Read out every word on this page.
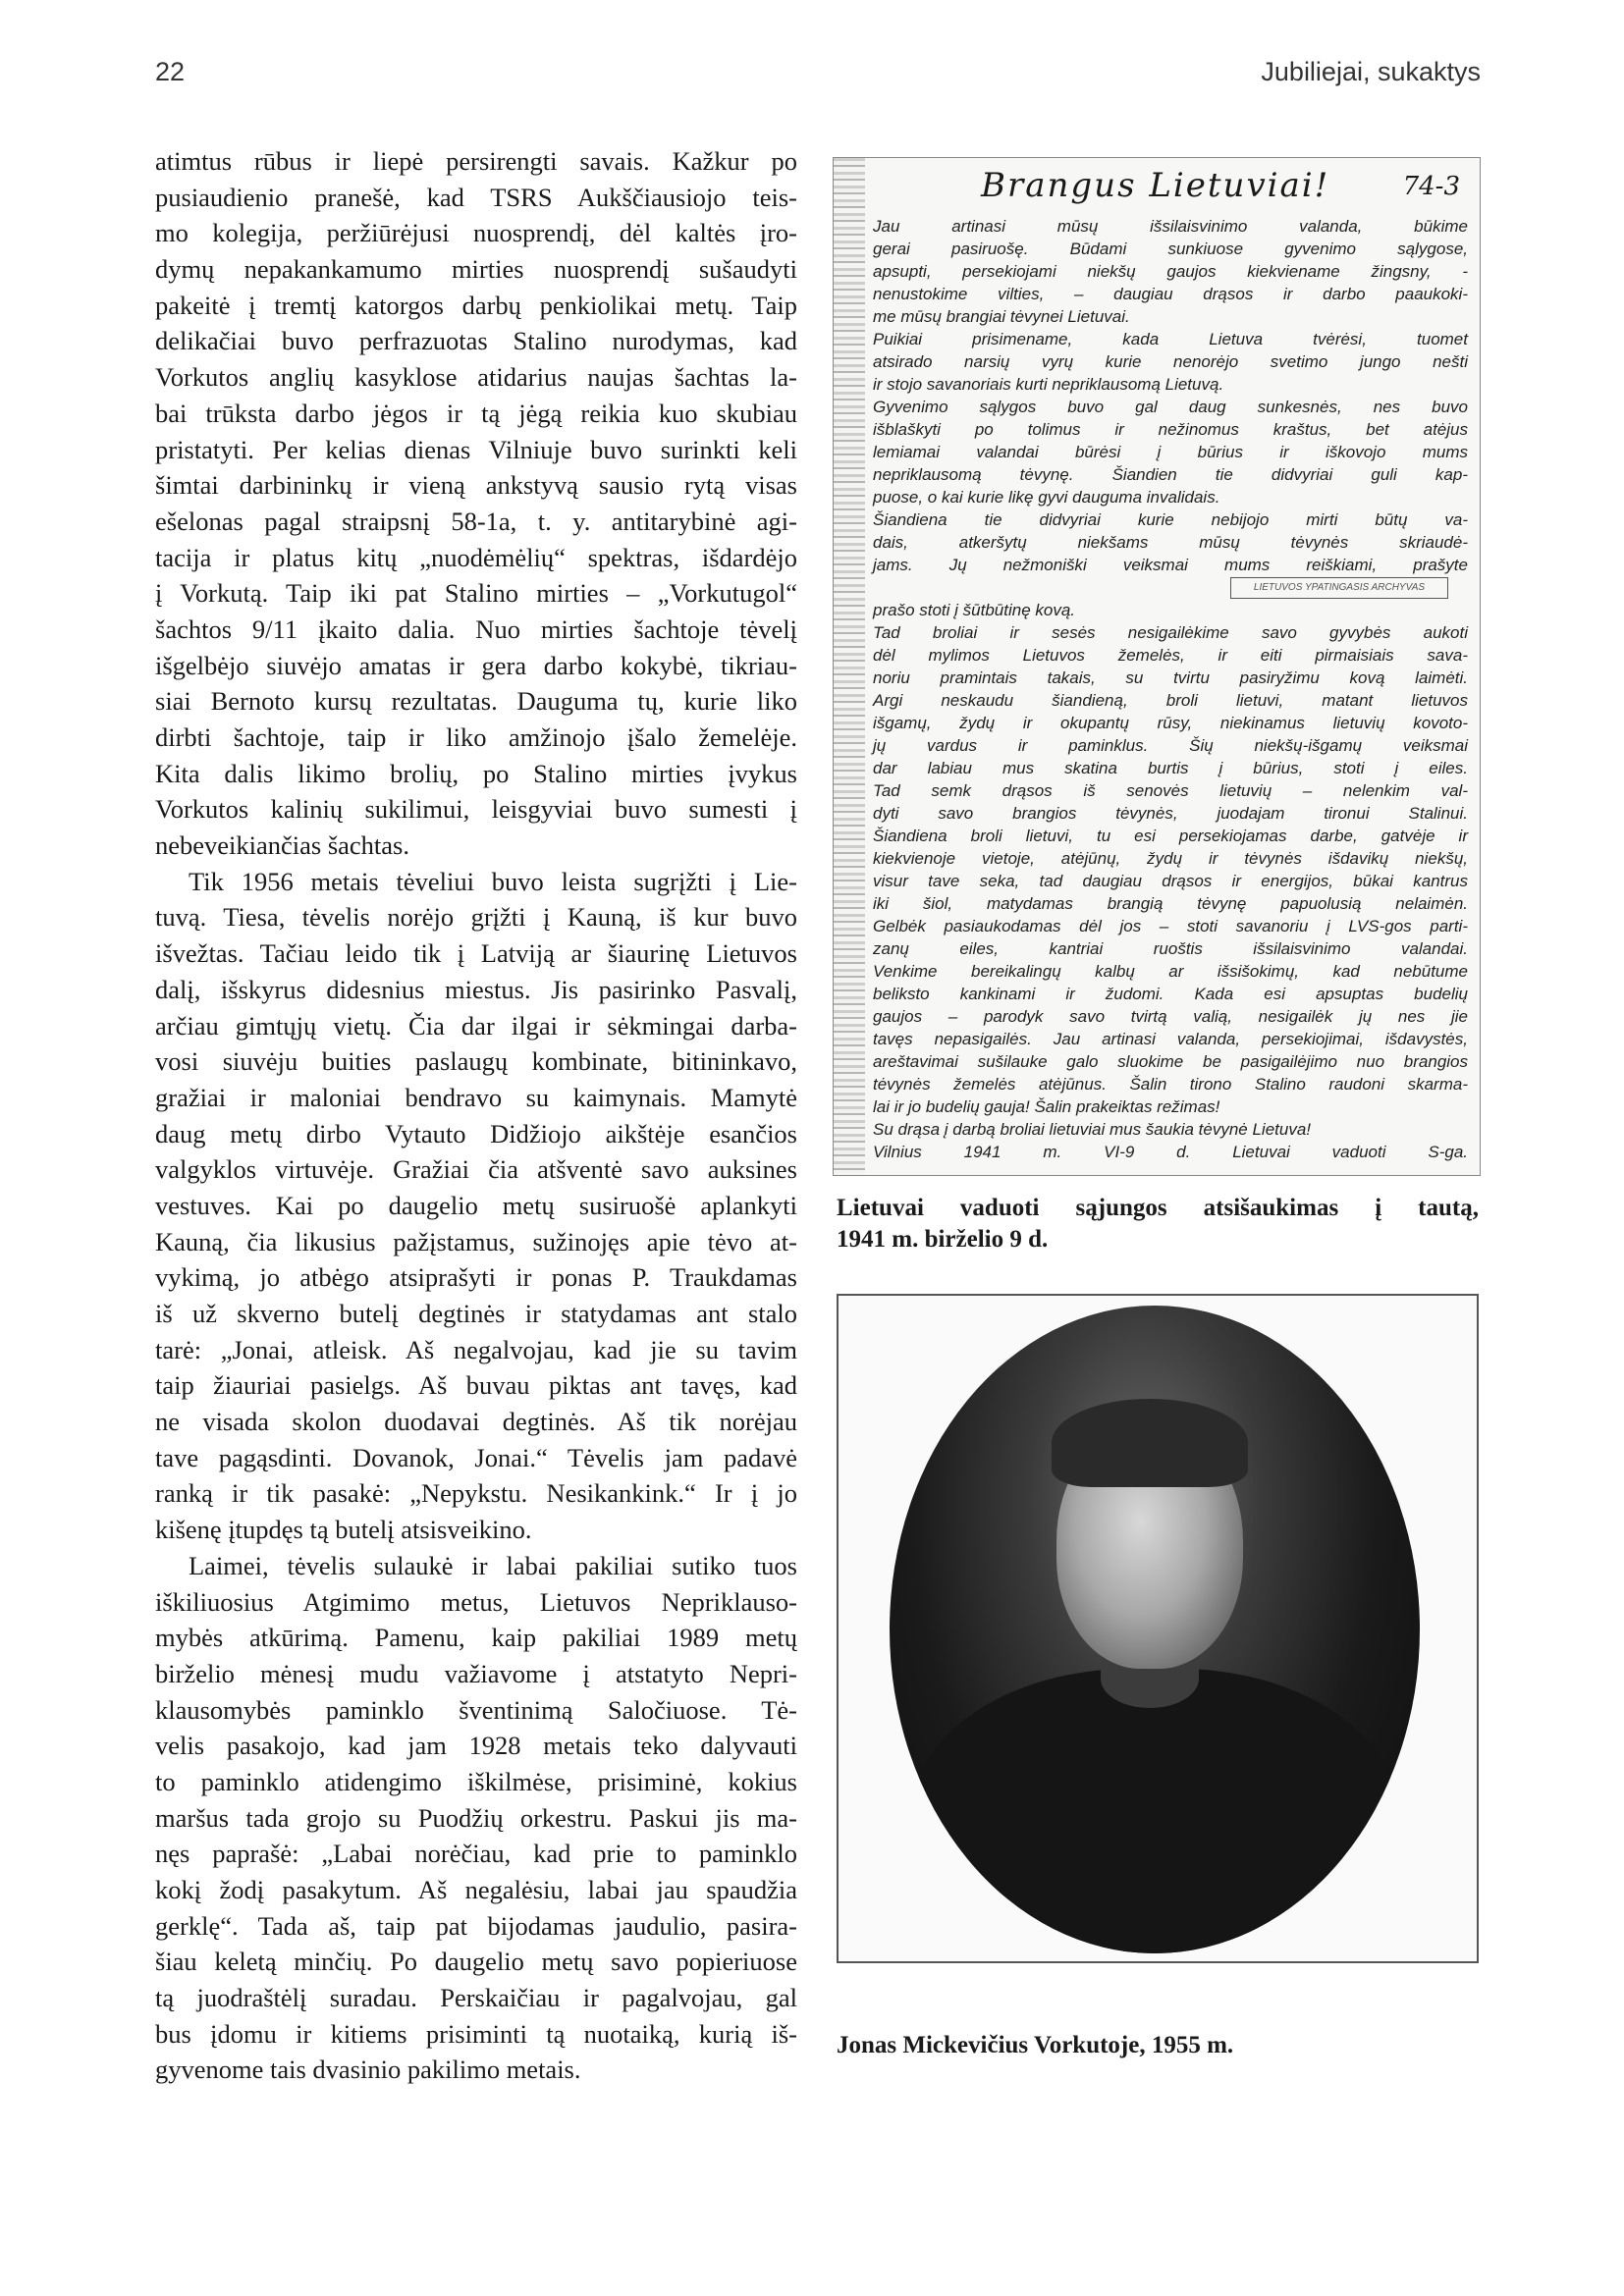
22	Jubiliejai, sukaktys
atimtus rūbus ir liepė persirengti savais. Kažkur po
pusiaudienio pranešė, kad TSRS Aukščiausiojo teis-
mo kolegija, peržiūrėjusi nuosprendį, dėl kaltės įro-
dymų nepakankamumo mirties nuosprendį sušaudyti
pakeitė į tremtį katorgos darbų penkiolikai metų. Taip
delikačiai buvo perfrazuotas Stalino nurodymas, kad
Vorkutos anglių kasyklose atidarius naujas šachtas la-
bai trūksta darbo jėgos ir tą jėgą reikia kuo skubiau
pristatyti. Per kelias dienas Vilniuje buvo surinkti keli
šimtai darbininkų ir vieną ankstyvą sausio rytą visas
ešelonas pagal straipsnį 58-1a, t. y. antitarybinė agi-
tacija ir platus kitų „nuodėmėlių“ spektras, išdardėjo
į Vorkutą. Taip iki pat Stalino mirties – „Vorkutugol“
šachtos 9/11 įkaito dalia. Nuo mirties šachtoje tėvelį
išgelbėjo siuvėjo amatas ir gera darbo kokybė, tikriau-
siai Bernoto kursų rezultatas. Dauguma tų, kurie liko
dirbti šachtoje, taip ir liko amžinojo įšalo žemelėje.
Kita dalis likimo brolių, po Stalino mirties įvykus
Vorkutos kalinių sukilimui, leisgyviai buvo sumesti į
nebeveikiančias šachtas.
Tik 1956 metais tėveliui buvo leista sugrįžti į Lie-
tuvą. Tiesa, tėvelis norėjo grįžti į Kauną, iš kur buvo
išvežtas. Tačiau leido tik į Latviją ar šiaurinę Lietuvos
dalį, išskyrus didesnius miestus. Jis pasirinko Pasvalį,
arčiau gimtųjų vietų. Čia dar ilgai ir sėkmingai darba-
vosi siuvėju buities paslaugų kombinate, bitininkavo,
gražiai ir maloniai bendravo su kaimynais. Mamytė
daug metų dirbo Vytauto Didžiojo aikštėje esančios
valgyklos virtuvėje. Gražiai čia atšventė savo auksines
vestuves. Kai po daugelio metų susiruošė aplankyti
Kauną, čia likusius pažįstamus, sužinojęs apie tėvo at-
vykimą, jo atbėgo atsiprašyti ir ponas P. Traukdamas
iš už skverno butelį degtinės ir statydamas ant stalo
tarė: „Jonai, atleisk. Aš negalvojau, kad jie su tavim
taip žiauriai pasielgs. Aš buvau piktas ant tavęs, kad
ne visada skolon duodavai degtinės. Aš tik norėjau
tave pagąsdinti. Dovanok, Jonai.“ Tėvelis jam padavė
ranką ir tik pasakė: „Nepykstu. Nesikankink.“ Ir į jo
kišenę įtupdęs tą butelį atsisveikino.
Laimei, tėvelis sulaukė ir labai pakiliai sutiko tuos
iškiliuosius Atgimimo metus, Lietuvos Nepriklauso-
mybės atkūrimą. Pamenu, kaip pakiliai 1989 metų
birželio mėnesį mudu važiavome į atstatyto Nepri-
klausomybės paminklo šventinimą Saločiuose. Tė-
velis pasakojo, kad jam 1928 metais teko dalyvauti
to paminklo atidengimo iškilmėse, prisiminė, kokius
maršus tada grojo su Puodžių orkestru. Paskui jis ma-
nęs paprašė: „Labai norėčiau, kad prie to paminklo
kokį žodį pasakytum. Aš negalėsiu, labai jau spaudžia
gerklę“. Tada aš, taip pat bijodamas jaudulio, pasira-
šiau keletą minčių. Po daugelio metų savo popieriuose
tą juodraštėlį suradau. Perskaičiau ir pagalvojau, gal
bus įdomu ir kitiems prisiminti tą nuotaiką, kurią iš-
gyvenome tais dvasinio pakilimo metais.
Brangus Lietuviai!	74-3
Jau artinasi mūsų išsilaisvinimo valanda, būkime
gerai pasiruošę. Būdami sunkiuose gyvenimo sąlygose,
apsupti, persekiojami niekšų gaujos kiekviename žingsny, -
nenustokime vilties, – daugiau drąsos ir darbo paaukoki-
me mūsų brangiai tėvynei Lietuvai.
Puikiai prisimename, kada Lietuva tvėrėsi, tuomet
atsirado narsių vyrų kurie nenorėjo svetimo jungo nešti
ir stojo savanoriais kurti nepriklausomą Lietuvą.
Gyvenimo sąlygos buvo gal daug sunkesnės, nes buvo
išblaškyti po tolimus ir nežinomus kraštus, bet atėjus
lemiamai valandai būrėsi į būrius ir iškovojo mums
nepriklausomą tėvynę. Šiandien tie didvyriai guli kap-
puose, o kai kurie likę gyvi dauguma invalidais.
Šiandiena tie didvyriai kurie nebijojo mirti būtų va-
dais, atkeršytų niekšams mūsų tėvynės skriaudė-
jams. Jų nežmoniški veiksmai mums reiškiami, prašyte
LIETUVOS YPATINGASIS ARCHYVAS
prašo stoti į šūtbūtinę kovą.
Tad broliai ir sesės nesigailėkime savo gyvybės aukoti
dėl mylimos Lietuvos žemelės, ir eiti pirmaisiais sava-
noriu pramintais takais, su tvirtu pasiryžimu kovą laimėti.
Argi neskaudu šiandieną, broli lietuvi, matant lietuvos
išgamų, žydų ir okupantų rūsy, niekinamus lietuvių kovoto-
jų vardus ir paminklus. Šių niekšų-išgamų veiksmai
dar labiau mus skatina burtis į būrius, stoti į eiles.
Tad semk drąsos iš senovės lietuvių – nelenkim val-
dyti savo brangios tėvynės, juodajam tironui Stalinui.
Šiandiena broli lietuvi, tu esi persekiojamas darbe, gatvėje ir
kiekvienoje vietoje, atėjūnų, žydų ir tėvynės išdavikų niekšų,
visur tave seka, tad daugiau drąsos ir energijos, būkai kantrus
iki šiol, matydamas brangią tėvynę papuolusią nelaimėn.
Gelbėk pasiaukodamas dėl jos – stoti savanoriu į LVS-gos parti-
zanų eiles, kantriai ruoštis išsilaisvinimo valandai.
Venkime bereikalingų kalbų ar išsišokimų, kad nebūtume
beliksto kankinami ir žudomi. Kada esi apsuptas budelių
gaujos – parodyk savo tvirtą valią, nesigailėk jų nes jie
tavęs nepasigailės. Jau artinasi valanda, persekiojimai, išdavystės,
areštavimai sušilauke galo sluokime be pasigailėjimo nuo brangios
tėvynės žemelės atėjūnus. Šalin tirono Stalino raudoni skarma-
lai ir jo budelių gauja! Šalin prakeiktas režimas!
Su drąsa į darbą broliai lietuviai mus šaukia tėvynė Lietuva!
Vilnius 1941 m. VI-9 d. Lietuvai vaduoti S-ga.
Lietuvai vaduoti sąjungos atsišaukimas į tautą,
1941 m. birželio 9 d.
Jonas Mickevičius Vorkutoje, 1955 m.
